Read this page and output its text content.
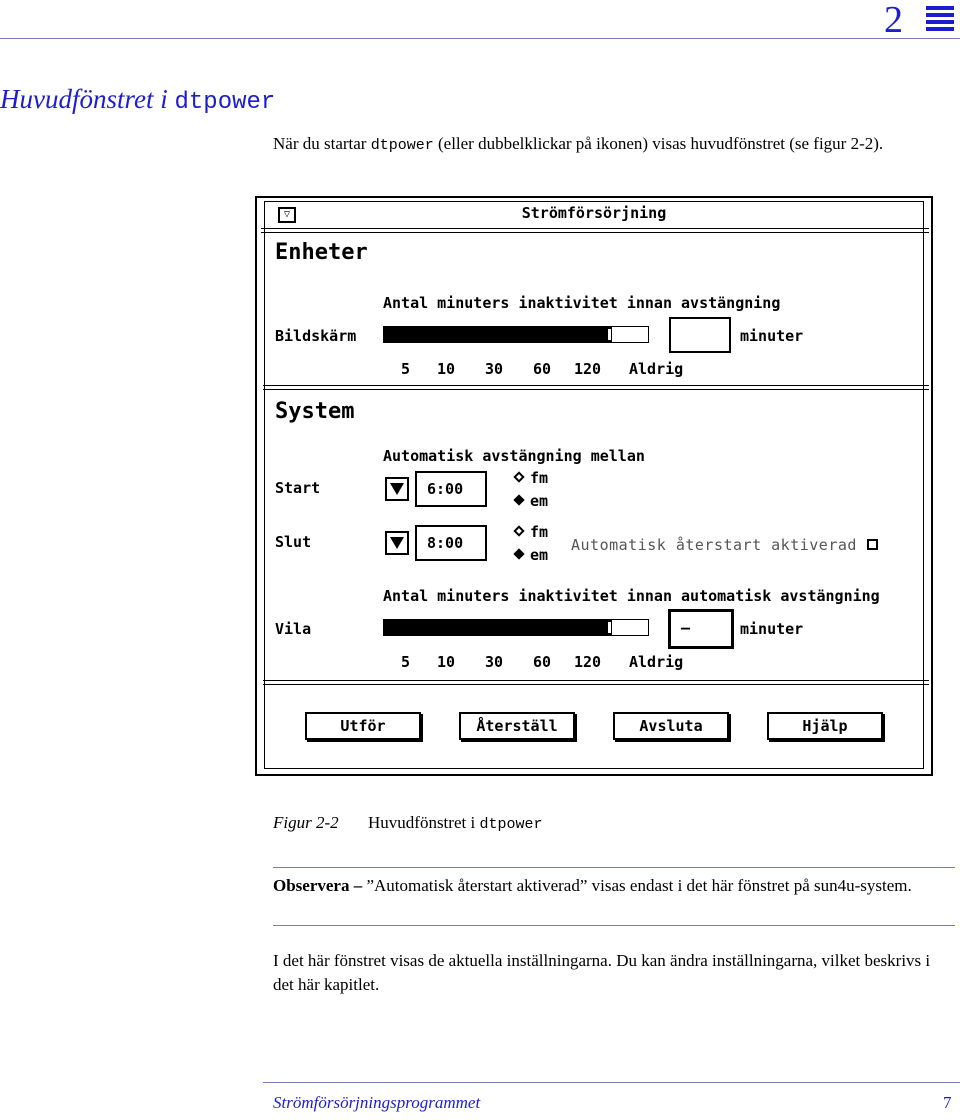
2
Huvudfönstret i dtpower
När du startar dtpower (eller dubbelklickar på ikonen) visas huvudfönstret (se figur 2-2).
▽	Strömförsörjning
Enheter
Antal minuters inaktivitet innan avstängning
Bildskärm	minuter
5 10 30 60 120 Aldrig
System
Automatisk avstängning mellan
Start	6:00
fm
em
Slut	8:00
fm
em
Automatisk återstart aktiverad
Antal minuters inaktivitet innan automatisk avstängning
Vila	–	minuter
5 10 30 60 120 Aldrig
Utför	Återställ	Avsluta	Hjälp
Figur 2-2 Huvudfönstret i dtpower
Observera – ”Automatisk återstart aktiverad” visas endast i det här fönstret på sun4u-system.
I det här fönstret visas de aktuella inställningarna. Du kan ändra inställningarna, vilket beskrivs i det här kapitlet.
Strömförsörjningsprogrammet	7
